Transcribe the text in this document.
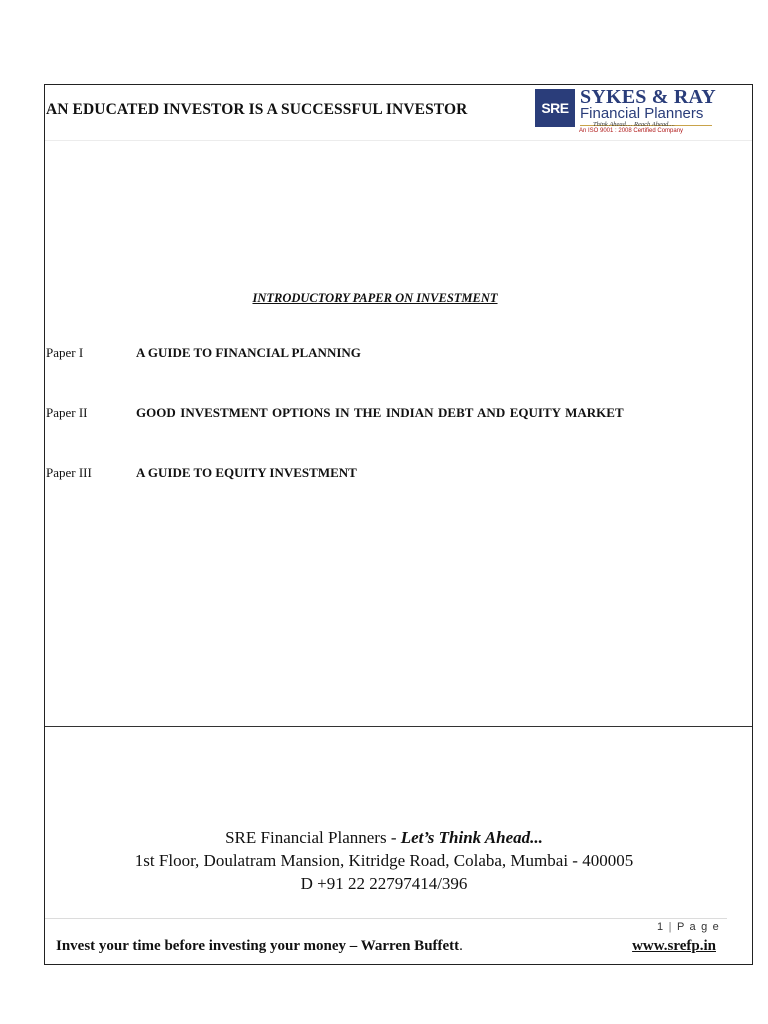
AN EDUCATED INVESTOR IS A SUCCESSFUL INVESTOR	SRE SYKES & RAY
Financial Planners
Think Ahead.... Reach Ahead....
An ISO 9001 : 2008 Certified Company
INTRODUCTORY PAPER ON INVESTMENT
Paper I	A GUIDE TO FINANCIAL PLANNING
Paper II	GOOD INVESTMENT OPTIONS IN THE INDIAN DEBT AND EQUITY MARKET
Paper III	A GUIDE TO EQUITY INVESTMENT
SRE Financial Planners - Let’s Think Ahead...
1st Floor, Doulatram Mansion, Kitridge Road, Colaba, Mumbai - 400005
D +91 22 22797414/396
1 | P a g e
Invest your time before investing your money – Warren Buffett.	www.srefp.in
